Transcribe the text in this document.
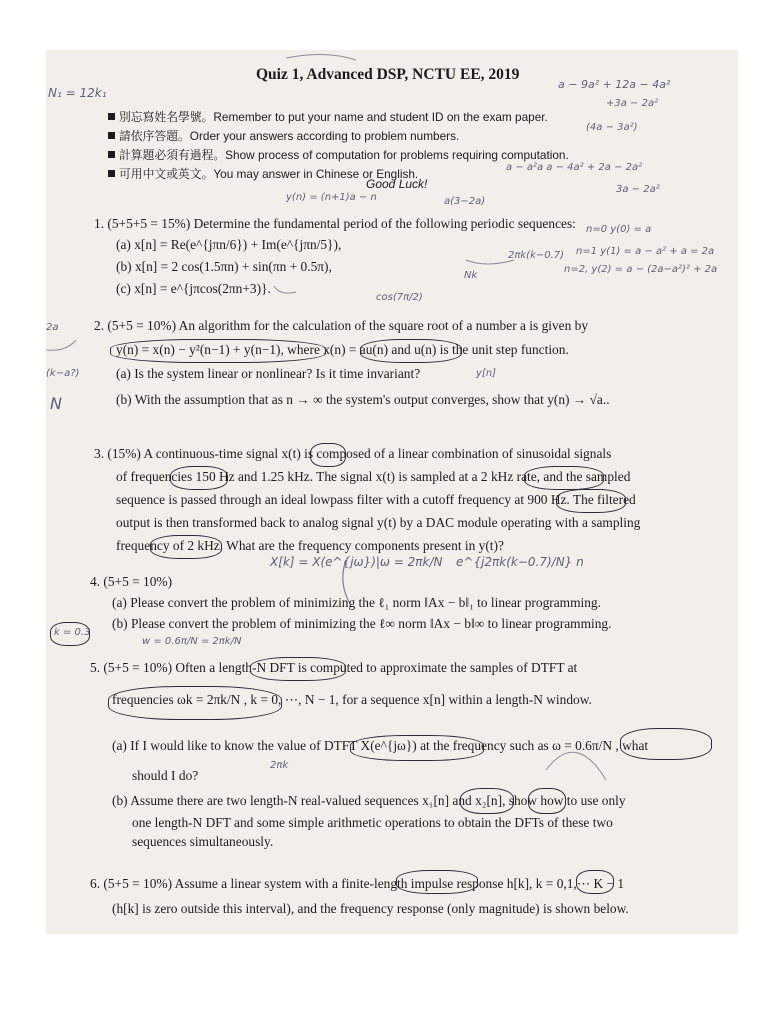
Quiz 1, Advanced DSP, NCTU EE, 2019
別忘寫姓名學號。Remember to put your name and student ID on the exam paper.
請依序答題。Order your answers according to problem numbers.
計算題必須有過程。Show process of computation for problems requiring computation.
可用中文或英文。You may answer in Chinese or English.
Good Luck!
1. (5+5+5 = 15%) Determine the fundamental period of the following periodic sequences:
(a) x[n] = Re(e^{jπn/6}) + Im(e^{jπn/5}),
(b) x[n] = 2 cos(1.5πn) + sin(πn + 0.5π),
(c) x[n] = e^{jπcos(2πn+3)}.
2. (5+5 = 10%) An algorithm for the calculation of the square root of a number a is given by
y(n) = x(n) − y²(n−1) + y(n−1), where x(n) = au(n) and u(n) is the unit step function.
(a) Is the system linear or nonlinear? Is it time invariant?
(b) With the assumption that as n → ∞ the system's output converges, show that y(n) → √a..
3. (15%) A continuous-time signal x(t) is composed of a linear combination of sinusoidal signals
of frequencies 150 Hz and 1.25 kHz. The signal x(t) is sampled at a 2 kHz rate, and the sampled
sequence is passed through an ideal lowpass filter with a cutoff frequency at 900 Hz. The filtered
output is then transformed back to analog signal y(t) by a DAC module operating with a sampling
frequency of 2 kHz. What are the frequency components present in y(t)?
4. (5+5 = 10%)
(a) Please convert the problem of minimizing the ℓ₁ norm ‖Ax − b‖₁ to linear programming.
(b) Please convert the problem of minimizing the ℓ∞ norm ‖Ax − b‖∞ to linear programming.
5. (5+5 = 10%) Often a length-N DFT is computed to approximate the samples of DTFT at
frequencies ωk = 2πk/N , k = 0, ⋯, N − 1, for a sequence x[n] within a length-N window.
(a) If I would like to know the value of DTFT X(e^{jω}) at the frequency such as ω = 0.6π/N , what
should I do?
(b) Assume there are two length-N real-valued sequences x₁[n] and x₂[n], show how to use only
one length-N DFT and some simple arithmetic operations to obtain the DFTs of these two
sequences simultaneously.
6. (5+5 = 10%) Assume a linear system with a finite-length impulse response h[k], k = 0,1,⋯ K − 1
(h[k] is zero outside this interval), and the frequency response (only magnitude) is shown below.
N₁ = 12k₁
a − 9a² + 12a − 4a²
+3a − 2a²
(4a − 3a²)
y(n) = (n+1)a − n	a(3−2a)
n=0 y(0) = a
n=1 y(1) = a − a² + a = 2a
n=2, y(2) = a − (2a−a²)² + 2a
2πk(k−0.7)
Nk
X[k] = X(e^{jω})|ω = 2πk/N e^{j2πk(k−0.7)/N} n
k = 0.3
w = 0.6π/N = 2πk/N
2πk
y[n]
cos(7π/2)
3a − 2a²
a − a²a a − 4a² + 2a − 2a²
2a
(k−a?)
N
